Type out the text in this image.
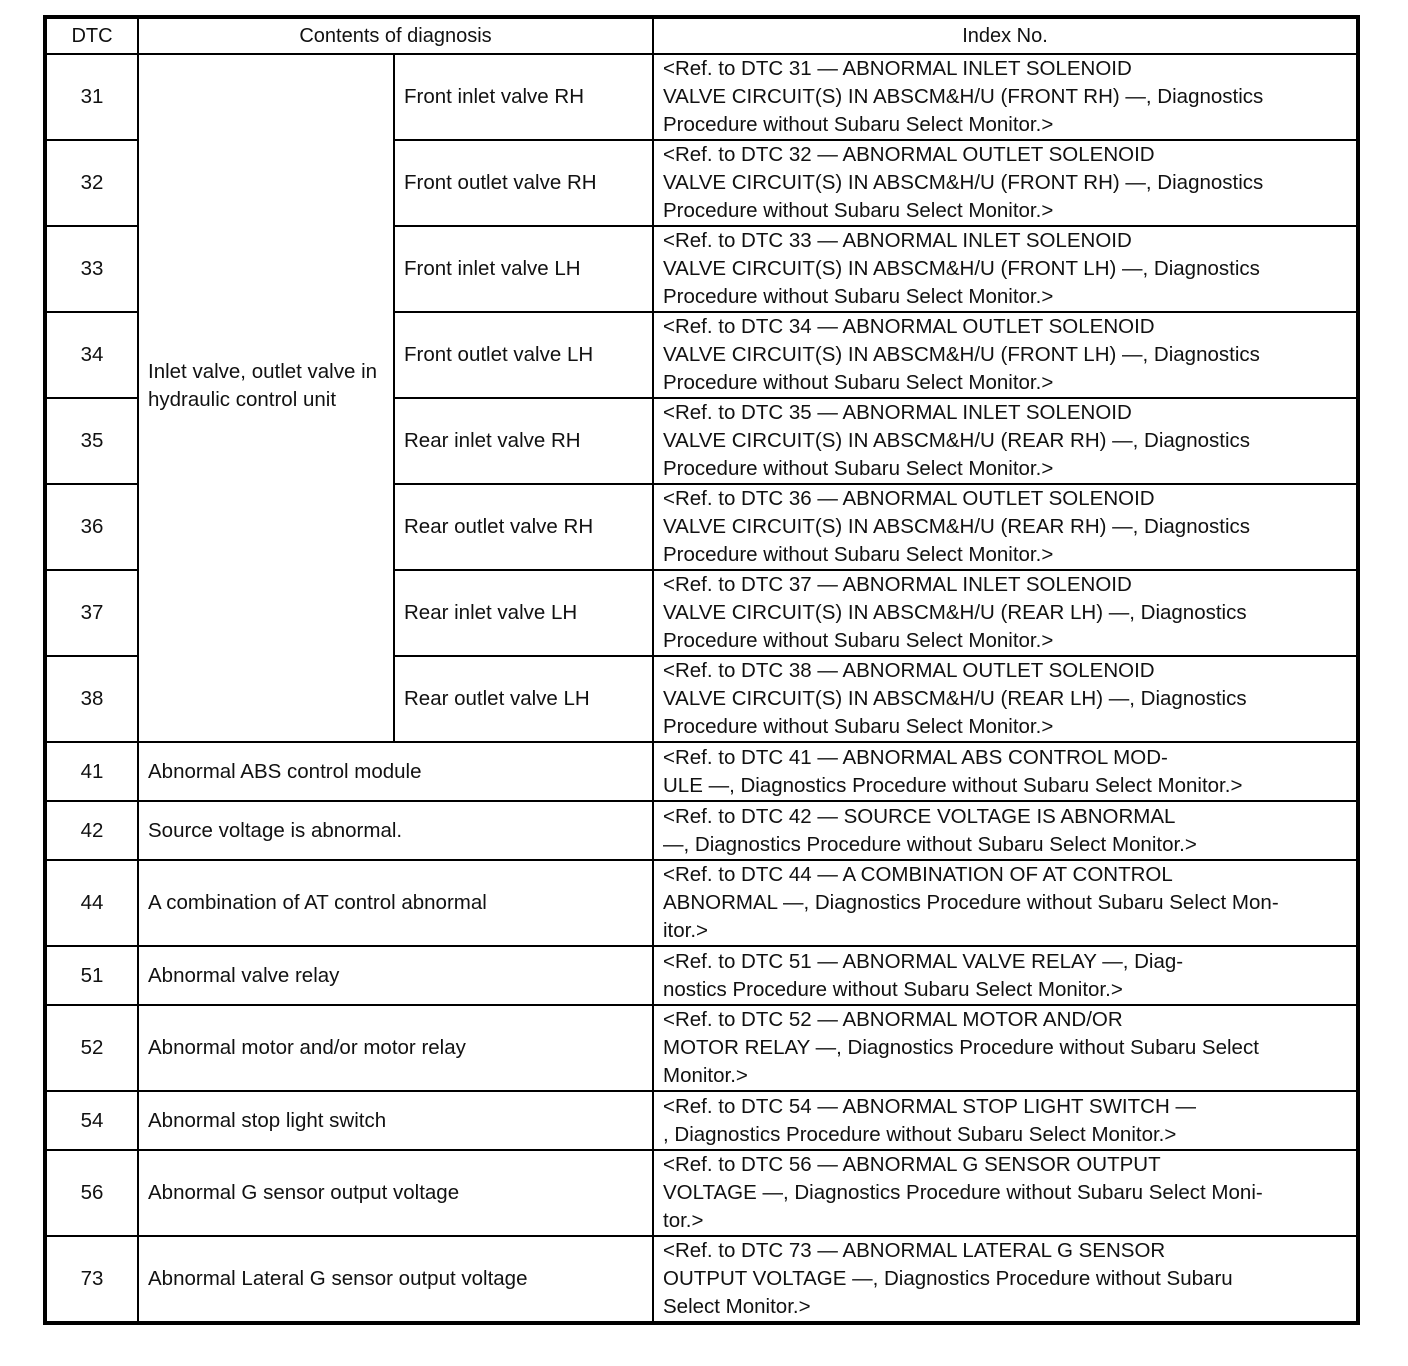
DTC	Contents of diagnosis		Index No.
31	Inlet valve, outlet valve in hydraulic control unit	Front inlet valve RH	<Ref. to DTC 31 — ABNORMAL INLET SOLENOID
VALVE CIRCUIT(S) IN ABSCM&H/U (FRONT RH) —, Diagnostics
Procedure without Subaru Select Monitor.>

32		Front outlet valve RH	<Ref. to DTC 32 — ABNORMAL OUTLET SOLENOID
VALVE CIRCUIT(S) IN ABSCM&H/U (FRONT RH) —, Diagnostics
Procedure without Subaru Select Monitor.>

33		Front inlet valve LH	<Ref. to DTC 33 — ABNORMAL INLET SOLENOID
VALVE CIRCUIT(S) IN ABSCM&H/U (FRONT LH) —, Diagnostics
Procedure without Subaru Select Monitor.>

34		Front outlet valve LH	<Ref. to DTC 34 — ABNORMAL OUTLET SOLENOID
VALVE CIRCUIT(S) IN ABSCM&H/U (FRONT LH) —, Diagnostics
Procedure without Subaru Select Monitor.>

35		Rear inlet valve RH	<Ref. to DTC 35 — ABNORMAL INLET SOLENOID
VALVE CIRCUIT(S) IN ABSCM&H/U (REAR RH) —, Diagnostics
Procedure without Subaru Select Monitor.>

36		Rear outlet valve RH	<Ref. to DTC 36 — ABNORMAL OUTLET SOLENOID
VALVE CIRCUIT(S) IN ABSCM&H/U (REAR RH) —, Diagnostics
Procedure without Subaru Select Monitor.>

37		Rear inlet valve LH	<Ref. to DTC 37 — ABNORMAL INLET SOLENOID
VALVE CIRCUIT(S) IN ABSCM&H/U (REAR LH) —, Diagnostics
Procedure without Subaru Select Monitor.>

38		Rear outlet valve LH	<Ref. to DTC 38 — ABNORMAL OUTLET SOLENOID
VALVE CIRCUIT(S) IN ABSCM&H/U (REAR LH) —, Diagnostics
Procedure without Subaru Select Monitor.>

41	Abnormal ABS control module		<Ref. to DTC 41 — ABNORMAL ABS CONTROL MOD-
ULE —, Diagnostics Procedure without Subaru Select Monitor.>

42	Source voltage is abnormal.		<Ref. to DTC 42 — SOURCE VOLTAGE IS ABNORMAL
—, Diagnostics Procedure without Subaru Select Monitor.>

44	A combination of AT control abnormal		<Ref. to DTC 44 — A COMBINATION OF AT CONTROL
ABNORMAL —, Diagnostics Procedure without Subaru Select Mon-
itor.>

51	Abnormal valve relay		<Ref. to DTC 51 — ABNORMAL VALVE RELAY —, Diag-
nostics Procedure without Subaru Select Monitor.>

52	Abnormal motor and/or motor relay		<Ref. to DTC 52 — ABNORMAL MOTOR AND/OR
MOTOR RELAY —, Diagnostics Procedure without Subaru Select
Monitor.>

54	Abnormal stop light switch		<Ref. to DTC 54 — ABNORMAL STOP LIGHT SWITCH —
, Diagnostics Procedure without Subaru Select Monitor.>

56	Abnormal G sensor output voltage		<Ref. to DTC 56 — ABNORMAL G SENSOR OUTPUT
VOLTAGE —, Diagnostics Procedure without Subaru Select Moni-
tor.>

73	Abnormal Lateral G sensor output voltage		<Ref. to DTC 73 — ABNORMAL LATERAL G SENSOR
OUTPUT VOLTAGE —, Diagnostics Procedure without Subaru
Select Monitor.>
